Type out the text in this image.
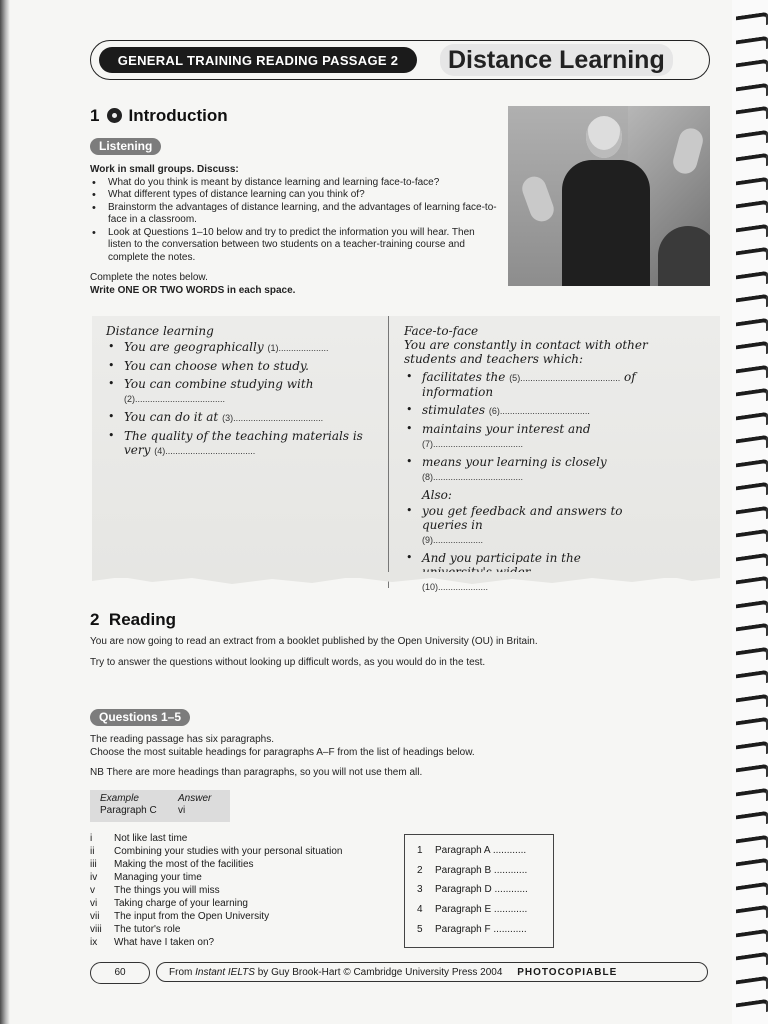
GENERAL TRAINING READING PASSAGE 2	Distance Learning
1 Introduction
Listening

Work in small groups. Discuss:

• What do you think is meant by distance learning and learning face-to-face?
• What different types of distance learning can you think of?
• Brainstorm the advantages of distance learning, and the advantages of learning face-to-face in a classroom.
• Look at Questions 1–10 below and try to predict the information you will hear. Then listen to the conversation between two students on a teacher-training course and complete the notes.

Complete the notes below.

Write ONE OR TWO WORDS in each space.

Distance learning
• You are geographically (1)....................
• You can choose when to study.
• You can combine studying with
(2)....................................
• You can do it at (3)....................................
• The quality of the teaching materials is very (4)....................................
Face-to-face
You are constantly in contact with other students and teachers which:
• facilitates the (5)........................................ of information
• stimulates (6)....................................
• maintains your interest and
(7)....................................
• means your learning is closely
(8)....................................
Also:
• you get feedback and answers to queries in
(9)....................
• And you participate in the
(10)....................
2 Reading

You are now going to read an extract from a booklet published by the Open University (OU) in Britain.

Try to answer the questions without looking up difficult words, as you would do in the test.

Questions 1–5

The reading passage has six paragraphs.

Choose the most suitable headings for paragraphs A–F from the list of headings below.

NB There are more headings than paragraphs, so you will not use them all.

Example	Answer
Paragraph C	vi
i	Not like last time
ii	Combining your studies with your personal situation
iii	Making the most of the facilities
iv	Managing your time
v	The things you will miss
vi	Taking charge of your learning
vii	The input from the Open University
viii	The tutor's role
ix	What have I taken on?
1	Paragraph A ............
2	Paragraph B ............
3	Paragraph D ............
4	Paragraph E ............
5	Paragraph F ............
60	From Instant IELTS by Guy Brook-Hart © Cambridge University Press 2004 PHOTOCOPIABLE
